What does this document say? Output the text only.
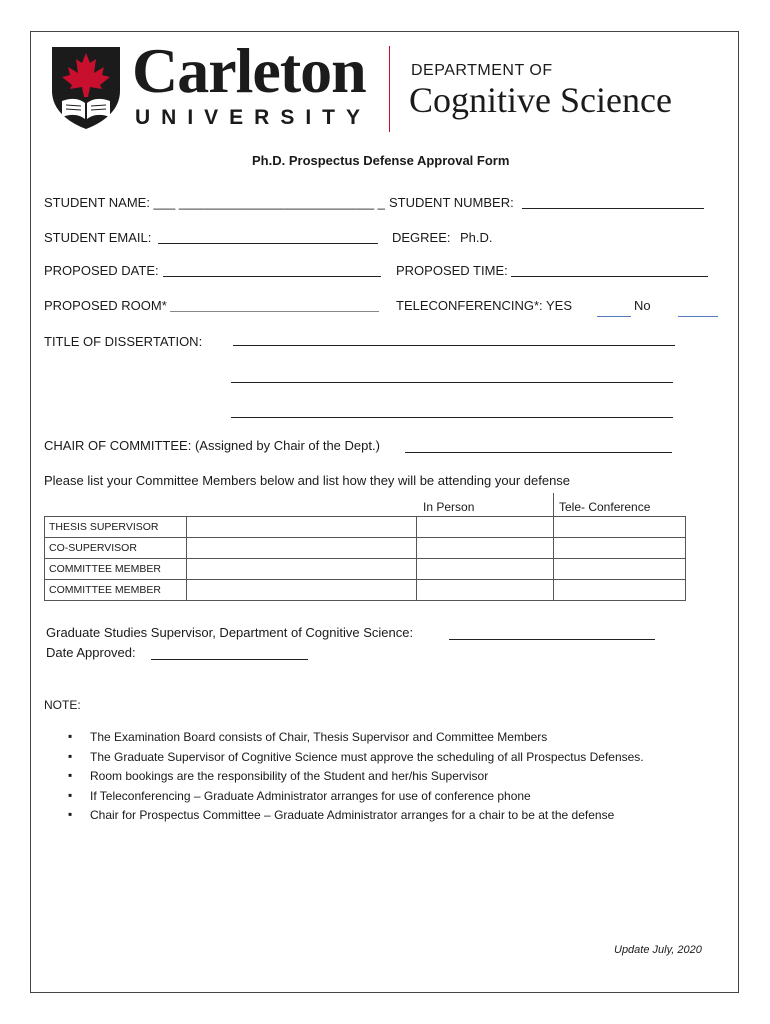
Carleton
UNIVERSITY
DEPARTMENT OF
Cognitive Science
Ph.D. Prospectus Defense Approval Form
STUDENT NAME: ___ ___________________________ _ STUDENT NUMBER:
STUDENT EMAIL:	DEGREE: Ph.D.
PROPOSED DATE:	PROPOSED TIME:
PROPOSED ROOM*	TELECONFERENCING*: YES	No
TITLE OF DISSERTATION:
CHAIR OF COMMITTEE: (Assigned by Chair of the Dept.)
Please list your Committee Members below and list how they will be attending your defense
In Person	Tele- Conference
THESIS SUPERVISOR			
CO-SUPERVISOR			
COMMITTEE MEMBER			
COMMITTEE MEMBER			
Graduate Studies Supervisor, Department of Cognitive Science:
Date Approved:
NOTE:
▪ The Examination Board consists of Chair, Thesis Supervisor and Committee Members
▪ The Graduate Supervisor of Cognitive Science must approve the scheduling of all Prospectus Defenses.
▪ Room bookings are the responsibility of the Student and her/his Supervisor
▪ If Teleconferencing – Graduate Administrator arranges for use of conference phone
▪ Chair for Prospectus Committee – Graduate Administrator arranges for a chair to be at the defense
Update July, 2020
